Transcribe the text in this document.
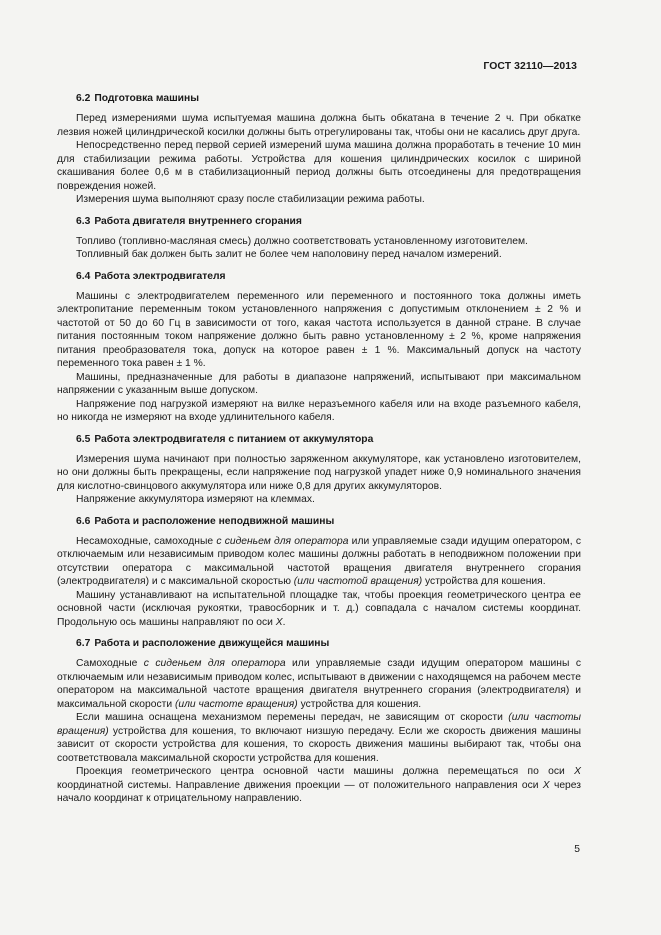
ГОСТ 32110—2013
6.2 Подготовка машины

Перед измерениями шума испытуемая машина должна быть обкатана в течение 2 ч. При обкатке лезвия ножей цилиндрической косилки должны быть отрегулированы так, чтобы они не касались друг друга.

Непосредственно перед первой серией измерений шума машина должна проработать в течение 10 мин для стабилизации режима работы. Устройства для кошения цилиндрических косилок с шириной скашивания более 0,6 м в стабилизационный период должны быть отсоединены для предотвращения повреждения ножей.

Измерения шума выполняют сразу после стабилизации режима работы.

6.3 Работа двигателя внутреннего сгорания

Топливо (топливно-масляная смесь) должно соответствовать установленному изготовителем.

Топливный бак должен быть залит не более чем наполовину перед началом измерений.

6.4 Работа электродвигателя

Машины с электродвигателем переменного или переменного и постоянного тока должны иметь электропитание переменным током установленного напряжения с допустимым отклонением ± 2 % и частотой от 50 до 60 Гц в зависимости от того, какая частота используется в данной стране. В случае питания постоянным током напряжение должно быть равно установленному ± 2 %, кроме напряжения питания преобразователя тока, допуск на которое равен ± 1 %. Максимальный допуск на частоту переменного тока равен ± 1 %.

Машины, предназначенные для работы в диапазоне напряжений, испытывают при максимальном напряжении с указанным выше допуском.

Напряжение под нагрузкой измеряют на вилке неразъемного кабеля или на входе разъемного кабеля, но никогда не измеряют на входе удлинительного кабеля.

6.5 Работа электродвигателя с питанием от аккумулятора

Измерения шума начинают при полностью заряженном аккумуляторе, как установлено изготовителем, но они должны быть прекращены, если напряжение под нагрузкой упадет ниже 0,9 номинального значения для кислотно-свинцового аккумулятора или ниже 0,8 для других аккумуляторов.

Напряжение аккумулятора измеряют на клеммах.

6.6 Работа и расположение неподвижной машины

Несамоходные, самоходные с сиденьем для оператора или управляемые сзади идущим оператором, с отключаемым или независимым приводом колес машины должны работать в неподвижном положении при отсутствии оператора с максимальной частотой вращения двигателя внутреннего сгорания (электродвигателя) и с максимальной скоростью (или частотой вращения) устройства для кошения.

Машину устанавливают на испытательной площадке так, чтобы проекция геометрического центра ее основной части (исключая рукоятки, травосборник и т. д.) совпадала с началом системы координат. Продольную ось машины направляют по оси X.

6.7 Работа и расположение движущейся машины

Самоходные с сиденьем для оператора или управляемые сзади идущим оператором машины с отключаемым или независимым приводом колес, испытывают в движении с находящемся на рабочем месте оператором на максимальной частоте вращения двигателя внутреннего сгорания (электродвигателя) и максимальной скорости (или частоте вращения) устройства для кошения.

Если машина оснащена механизмом перемены передач, не зависящим от скорости (или частоты вращения) устройства для кошения, то включают низшую передачу. Если же скорость движения машины зависит от скорости устройства для кошения, то скорость движения машины выбирают так, чтобы она соответствовала максимальной скорости устройства для кошения.

Проекция геометрического центра основной части машины должна перемещаться по оси X координатной системы. Направление движения проекции — от положительного направления оси X через начало координат к отрицательному направлению.

5
